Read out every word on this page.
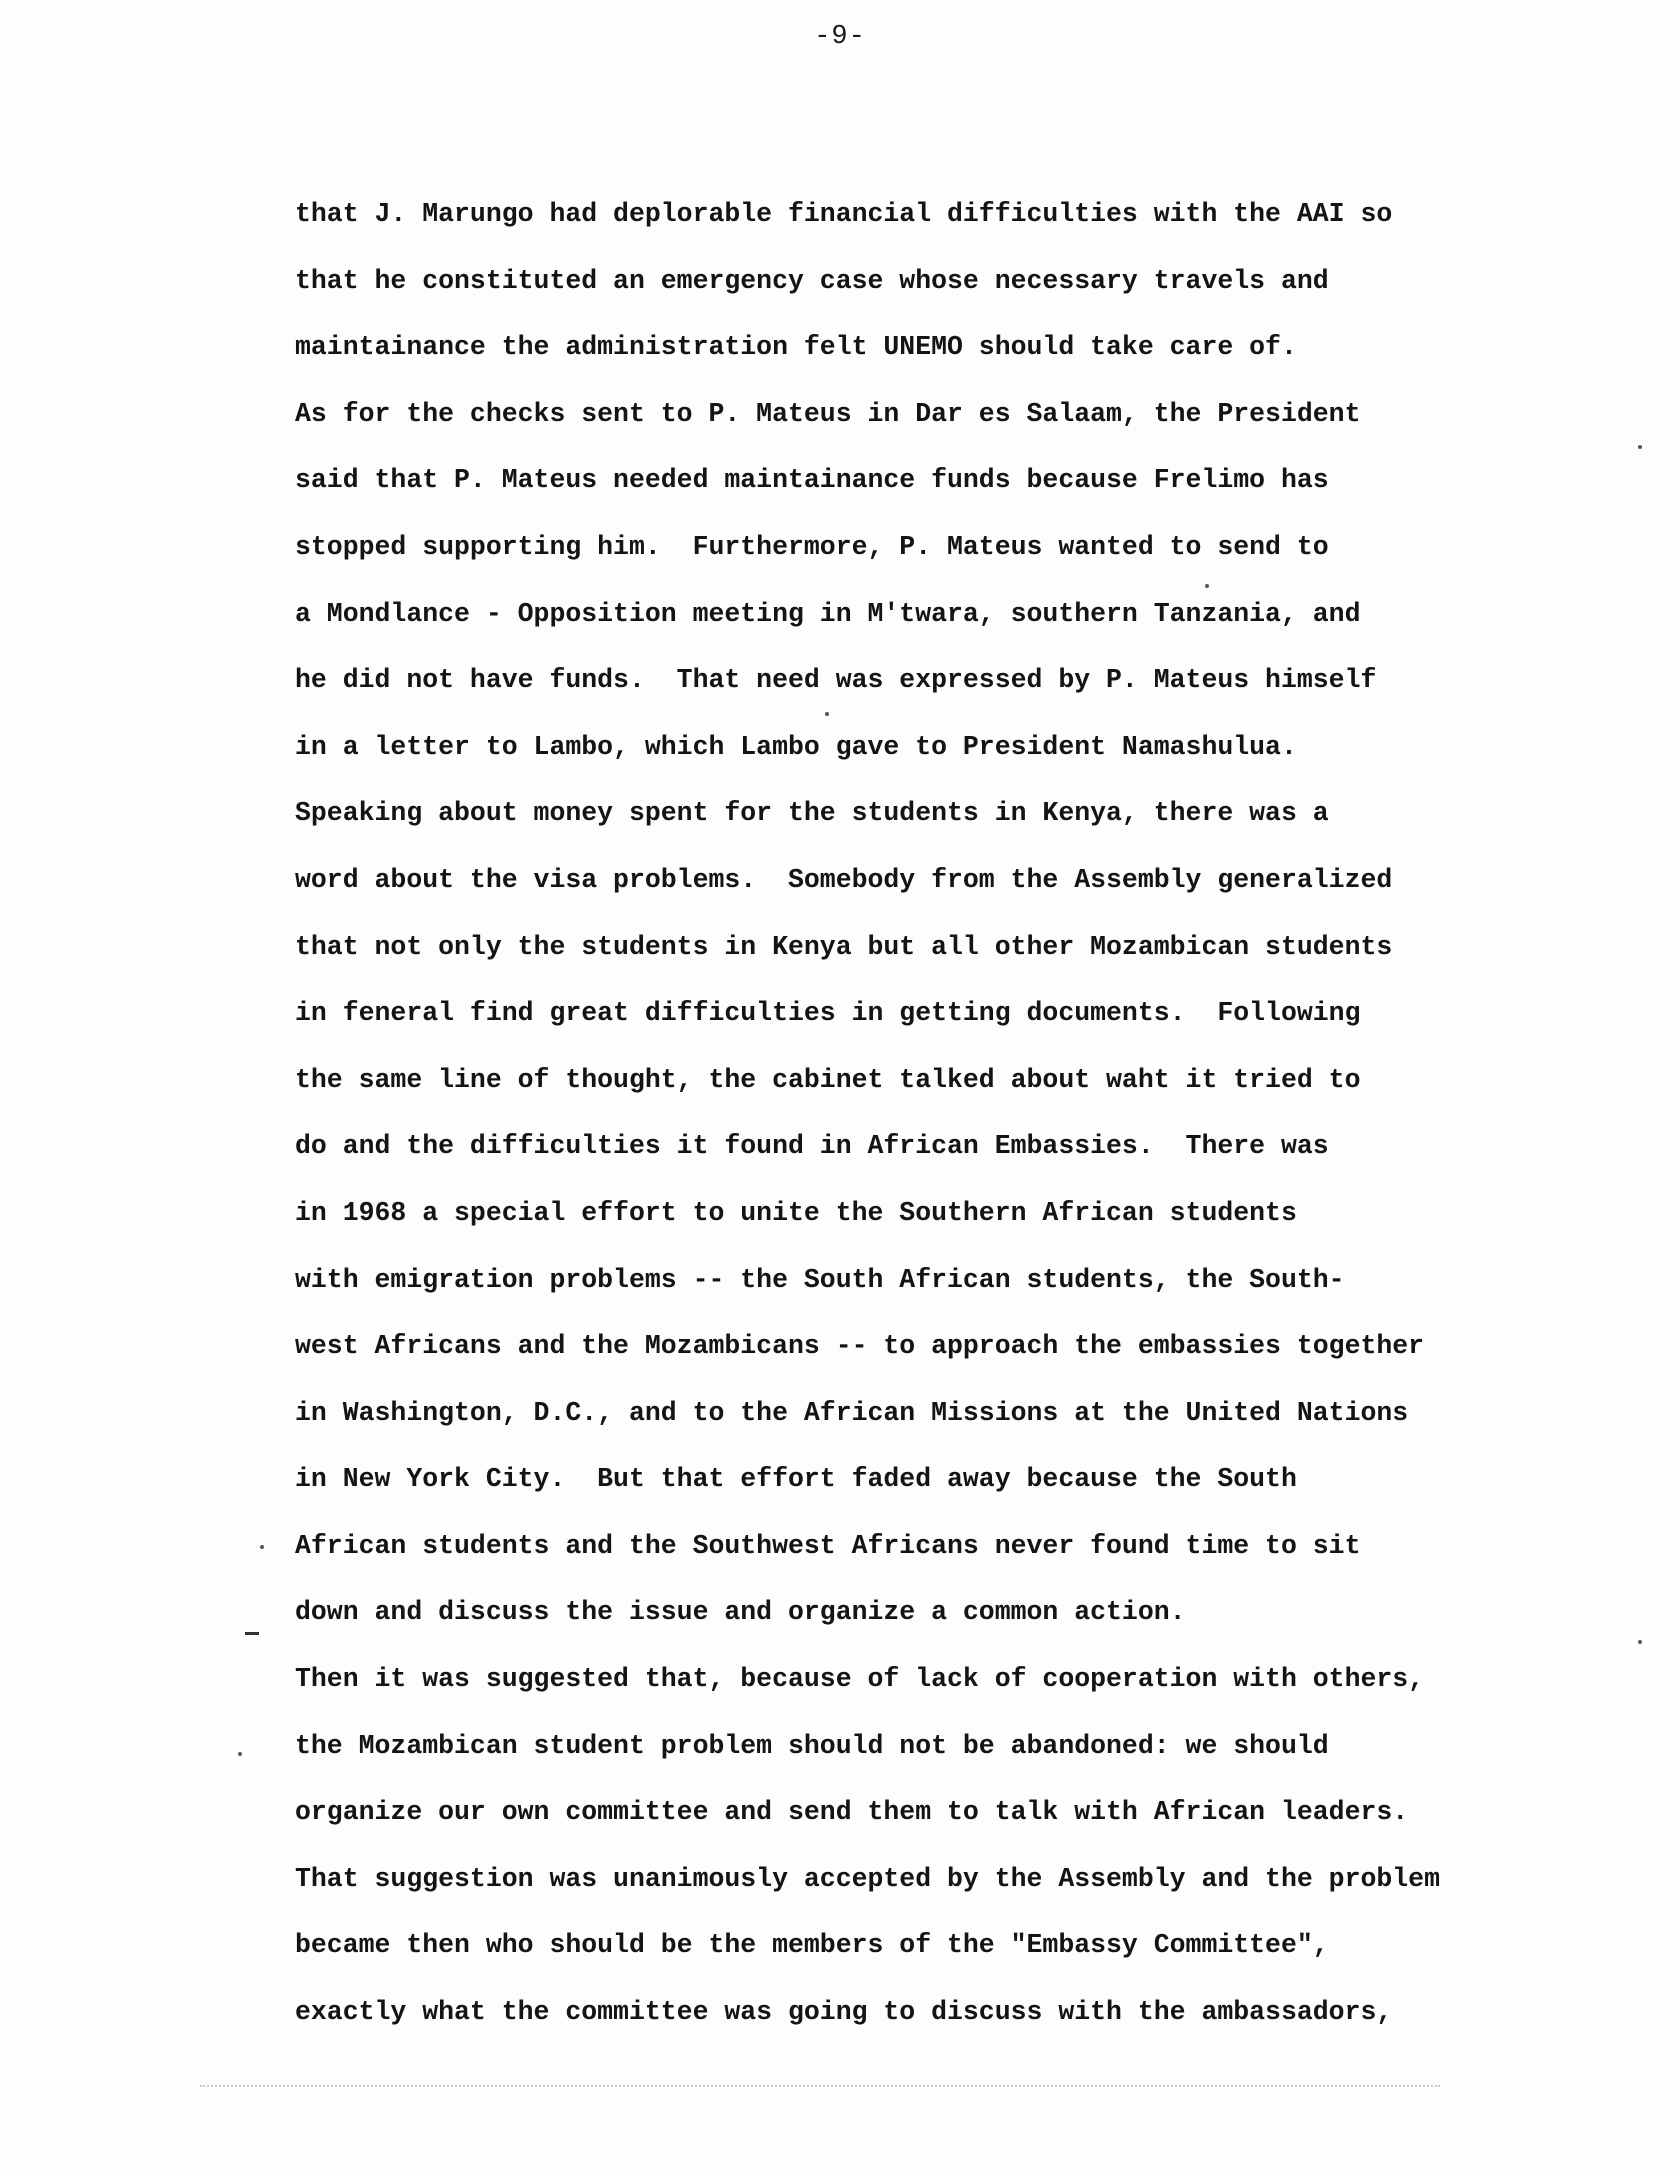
-9-
that J. Marungo had deplorable financial difficulties with the AAI so
that he constituted an emergency case whose necessary travels and
maintainance the administration felt UNEMO should take care of.
As for the checks sent to P. Mateus in Dar es Salaam, the President
said that P. Mateus needed maintainance funds because Frelimo has
stopped supporting him.  Furthermore, P. Mateus wanted to send to
a Mondlance - Opposition meeting in M'twara, southern Tanzania, and
he did not have funds.  That need was expressed by P. Mateus himself
in a letter to Lambo, which Lambo gave to President Namashulua.
Speaking about money spent for the students in Kenya, there was a
word about the visa problems.  Somebody from the Assembly generalized
that not only the students in Kenya but all other Mozambican students
in feneral find great difficulties in getting documents.  Following
the same line of thought, the cabinet talked about waht it tried to
do and the difficulties it found in African Embassies.  There was
in 1968 a special effort to unite the Southern African students
with emigration problems -- the South African students, the South-
west Africans and the Mozambicans -- to approach the embassies together
in Washington, D.C., and to the African Missions at the United Nations
in New York City.  But that effort faded away because the South
African students and the Southwest Africans never found time to sit
down and discuss the issue and organize a common action.
Then it was suggested that, because of lack of cooperation with others,
the Mozambican student problem should not be abandoned: we should
organize our own committee and send them to talk with African leaders.
That suggestion was unanimously accepted by the Assembly and the problem
became then who should be the members of the "Embassy Committee",
exactly what the committee was going to discuss with the ambassadors,
